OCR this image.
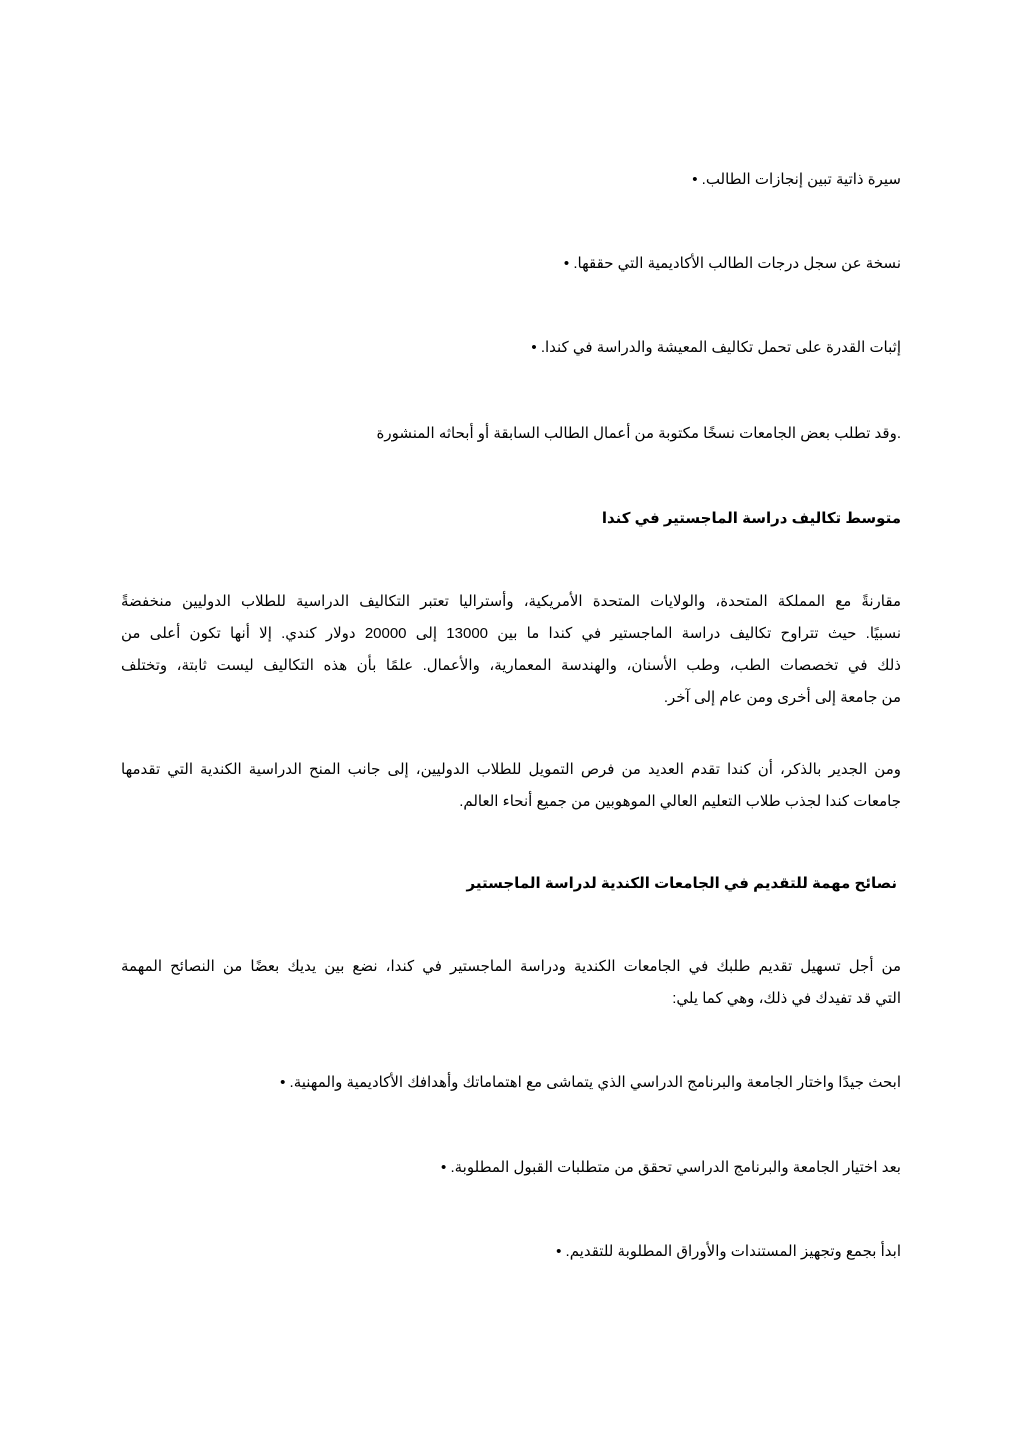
سيرة ذاتية تبين إنجازات الطالب. •

نسخة عن سجل درجات الطالب الأكاديمية التي حققها. •

إثبات القدرة على تحمل تكاليف المعيشة والدراسة في كندا. •

.وقد تطلب بعض الجامعات نسخًا مكتوبة من أعمال الطالب السابقة أو أبحاثه المنشورة

متوسط تكاليف دراسة الماجستير في كندا

مقارنةً مع المملكة المتحدة، والولايات المتحدة الأمريكية، وأستراليا تعتبر التكاليف الدراسية للطلاب الدوليين منخفضةً
نسبيًا. حيث تتراوح تكاليف دراسة الماجستير في كندا ما بين 13000 إلى 20000 دولار كندي. إلا أنها تكون أعلى من
ذلك في تخصصات الطب، وطب الأسنان، والهندسة المعمارية، والأعمال. علمًا بأن هذه التكاليف ليست ثابتة، وتختلف
من جامعة إلى أخرى ومن عام إلى آخر.
ومن الجدير بالذكر، أن كندا تقدم العديد من فرص التمويل للطلاب الدوليين، إلى جانب المنح الدراسية الكندية التي تقدمها
جامعات كندا لجذب طلاب التعليم العالي الموهوبين من جميع أنحاء العالم.

نصائح مهمة للتقديم في الجامعات الكندية لدراسة الماجستير

من أجل تسهيل تقديم طلبك في الجامعات الكندية ودراسة الماجستير في كندا، نضع بين يديك بعضًا من النصائح المهمة
التي قد تفيدك في ذلك، وهي كما يلي:

ابحث جيدًا واختار الجامعة والبرنامج الدراسي الذي يتماشى مع اهتماماتك وأهدافك الأكاديمية والمهنية. •

بعد اختيار الجامعة والبرنامج الدراسي تحقق من متطلبات القبول المطلوبة. •

ابدأ بجمع وتجهيز المستندات والأوراق المطلوبة للتقديم. •
